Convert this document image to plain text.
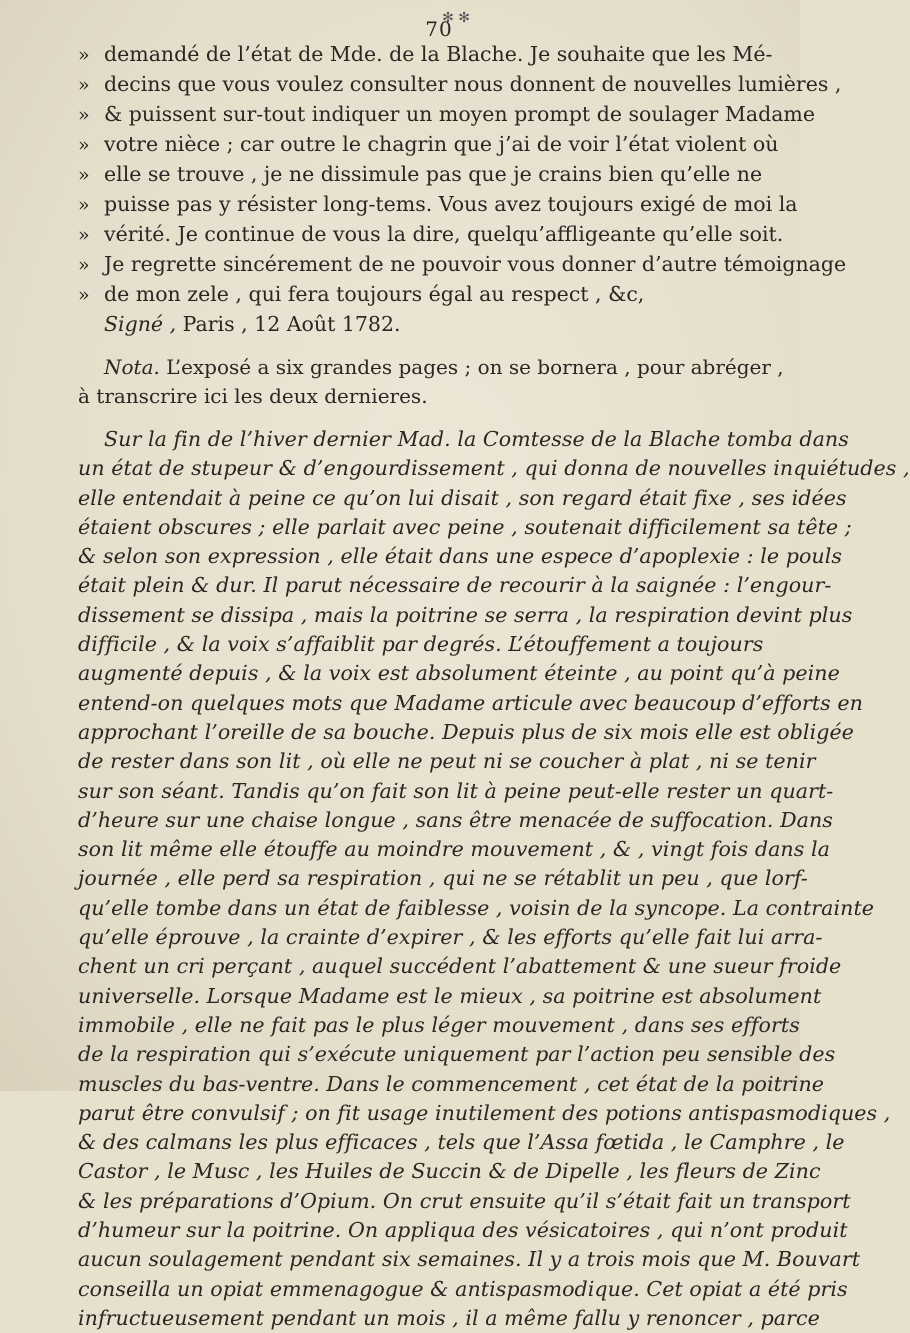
✻ ✻
70
» demandé de l’état de Mde. de la Blache. Je souhaite que les Mé-
» decins que vous voulez consulter nous donnent de nouvelles lumières ,
» & puissent sur-tout indiquer un moyen prompt de soulager Madame
» votre nièce ; car outre le chagrin que j’ai de voir l’état violent où
» elle se trouve , je ne dissimule pas que je crains bien qu’elle ne
» puisse pas y résister long-tems. Vous avez toujours exigé de moi la
» vérité. Je continue de vous la dire, quelqu’affligeante qu’elle soit.
» Je regrette sincérement de ne pouvoir vous donner d’autre témoignage
» de mon zele , qui fera toujours égal au respect , &c,
Signé , Paris , 12 Août 1782.
Nota. L’exposé a six grandes pages ; on se bornera , pour abréger ,
à transcrire ici les deux dernieres.
Sur la fin de l’hiver dernier Mad. la Comtesse de la Blache tomba dans
un état de stupeur & d’engourdissement , qui donna de nouvelles inquiétudes ,
elle entendait à peine ce qu’on lui disait , son regard était fixe , ses idées
étaient obscures ; elle parlait avec peine , soutenait difficilement sa tête ;
& selon son expression , elle était dans une espece d’apoplexie : le pouls
était plein & dur. Il parut nécessaire de recourir à la saignée : l’engour-
dissement se dissipa , mais la poitrine se serra , la respiration devint plus
difficile , & la voix s’affaiblit par degrés. L’étouffement a toujours
augmenté depuis , & la voix est absolument éteinte , au point qu’à peine
entend-on quelques mots que Madame articule avec beaucoup d’efforts en
approchant l’oreille de sa bouche. Depuis plus de six mois elle est obligée
de rester dans son lit , où elle ne peut ni se coucher à plat , ni se tenir
sur son séant. Tandis qu’on fait son lit à peine peut-elle rester un quart-
d’heure sur une chaise longue , sans être menacée de suffocation. Dans
son lit même elle étouffe au moindre mouvement , & , vingt fois dans la
journée , elle perd sa respiration , qui ne se rétablit un peu , que lorf-
qu’elle tombe dans un état de faiblesse , voisin de la syncope. La contrainte
qu’elle éprouve , la crainte d’expirer , & les efforts qu’elle fait lui arra-
chent un cri perçant , auquel succédent l’abattement & une sueur froide
universelle. Lorsque Madame est le mieux , sa poitrine est absolument
immobile , elle ne fait pas le plus léger mouvement , dans ses efforts
de la respiration qui s’exécute uniquement par l’action peu sensible des
muscles du bas-ventre. Dans le commencement , cet état de la poitrine
parut être convulsif ; on fit usage inutilement des potions antispasmodiques ,
& des calmans les plus efficaces , tels que l’Assa fœtida , le Camphre , le
Castor , le Musc , les Huiles de Succin & de Dipelle , les fleurs de Zinc
& les préparations d’Opium. On crut ensuite qu’il s’était fait un transport
d’humeur sur la poitrine. On appliqua des vésicatoires , qui n’ont produit
aucun soulagement pendant six semaines. Il y a trois mois que M. Bouvart
conseilla un opiat emmenagogue & antispasmodique. Cet opiat a été pris
infructueusement pendant un mois , il a même fallu y renoncer , parce
